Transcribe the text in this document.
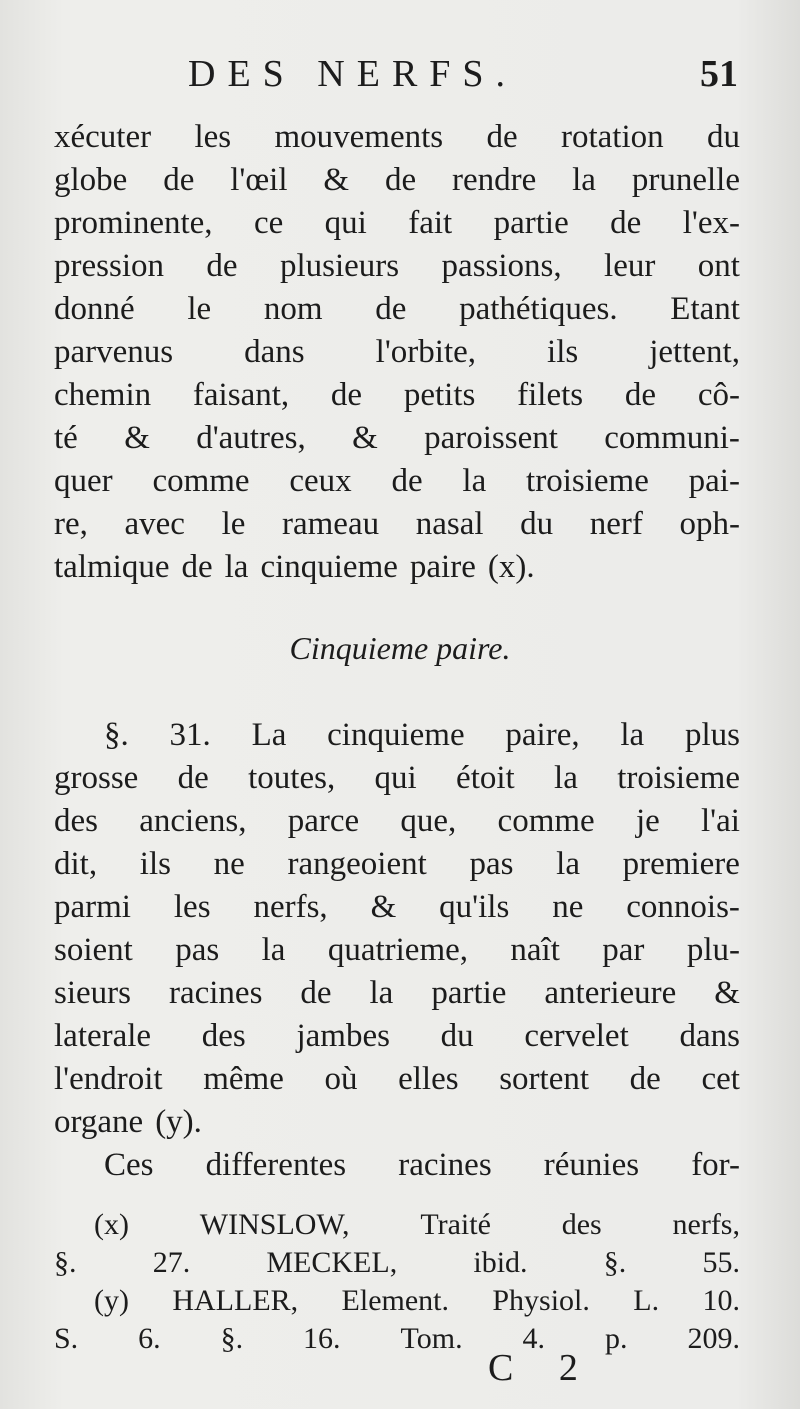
DES NERFS.	51
xécuter les mouvements de rotation du
globe de l'œil & de rendre la prunelle
prominente, ce qui fait partie de l'ex-
pression de plusieurs passions, leur ont
donné le nom de pathétiques. Etant
parvenus dans l'orbite, ils jettent,
chemin faisant, de petits filets de cô-
té & d'autres, & paroissent communi-
quer comme ceux de la troisieme pai-
re, avec le rameau nasal du nerf oph-
talmique de la cinquieme paire (x).
Cinquieme paire.
§. 31. La cinquieme paire, la plus
grosse de toutes, qui étoit la troisieme
des anciens, parce que, comme je l'ai
dit, ils ne rangeoient pas la premiere
parmi les nerfs, & qu'ils ne connois-
soient pas la quatrieme, naît par plu-
sieurs racines de la partie anterieure &
laterale des jambes du cervelet dans
l'endroit même où elles sortent de cet
organe (y).
Ces differentes racines réunies for-
(x) WINSLOW, Traité des nerfs,
§.	27.	MECKEL,	ibid.	§.	55.
(y) HALLER, Element. Physiol. L. 10.
S. 6. §. 16. Tom. 4. p. 209.
C 2
